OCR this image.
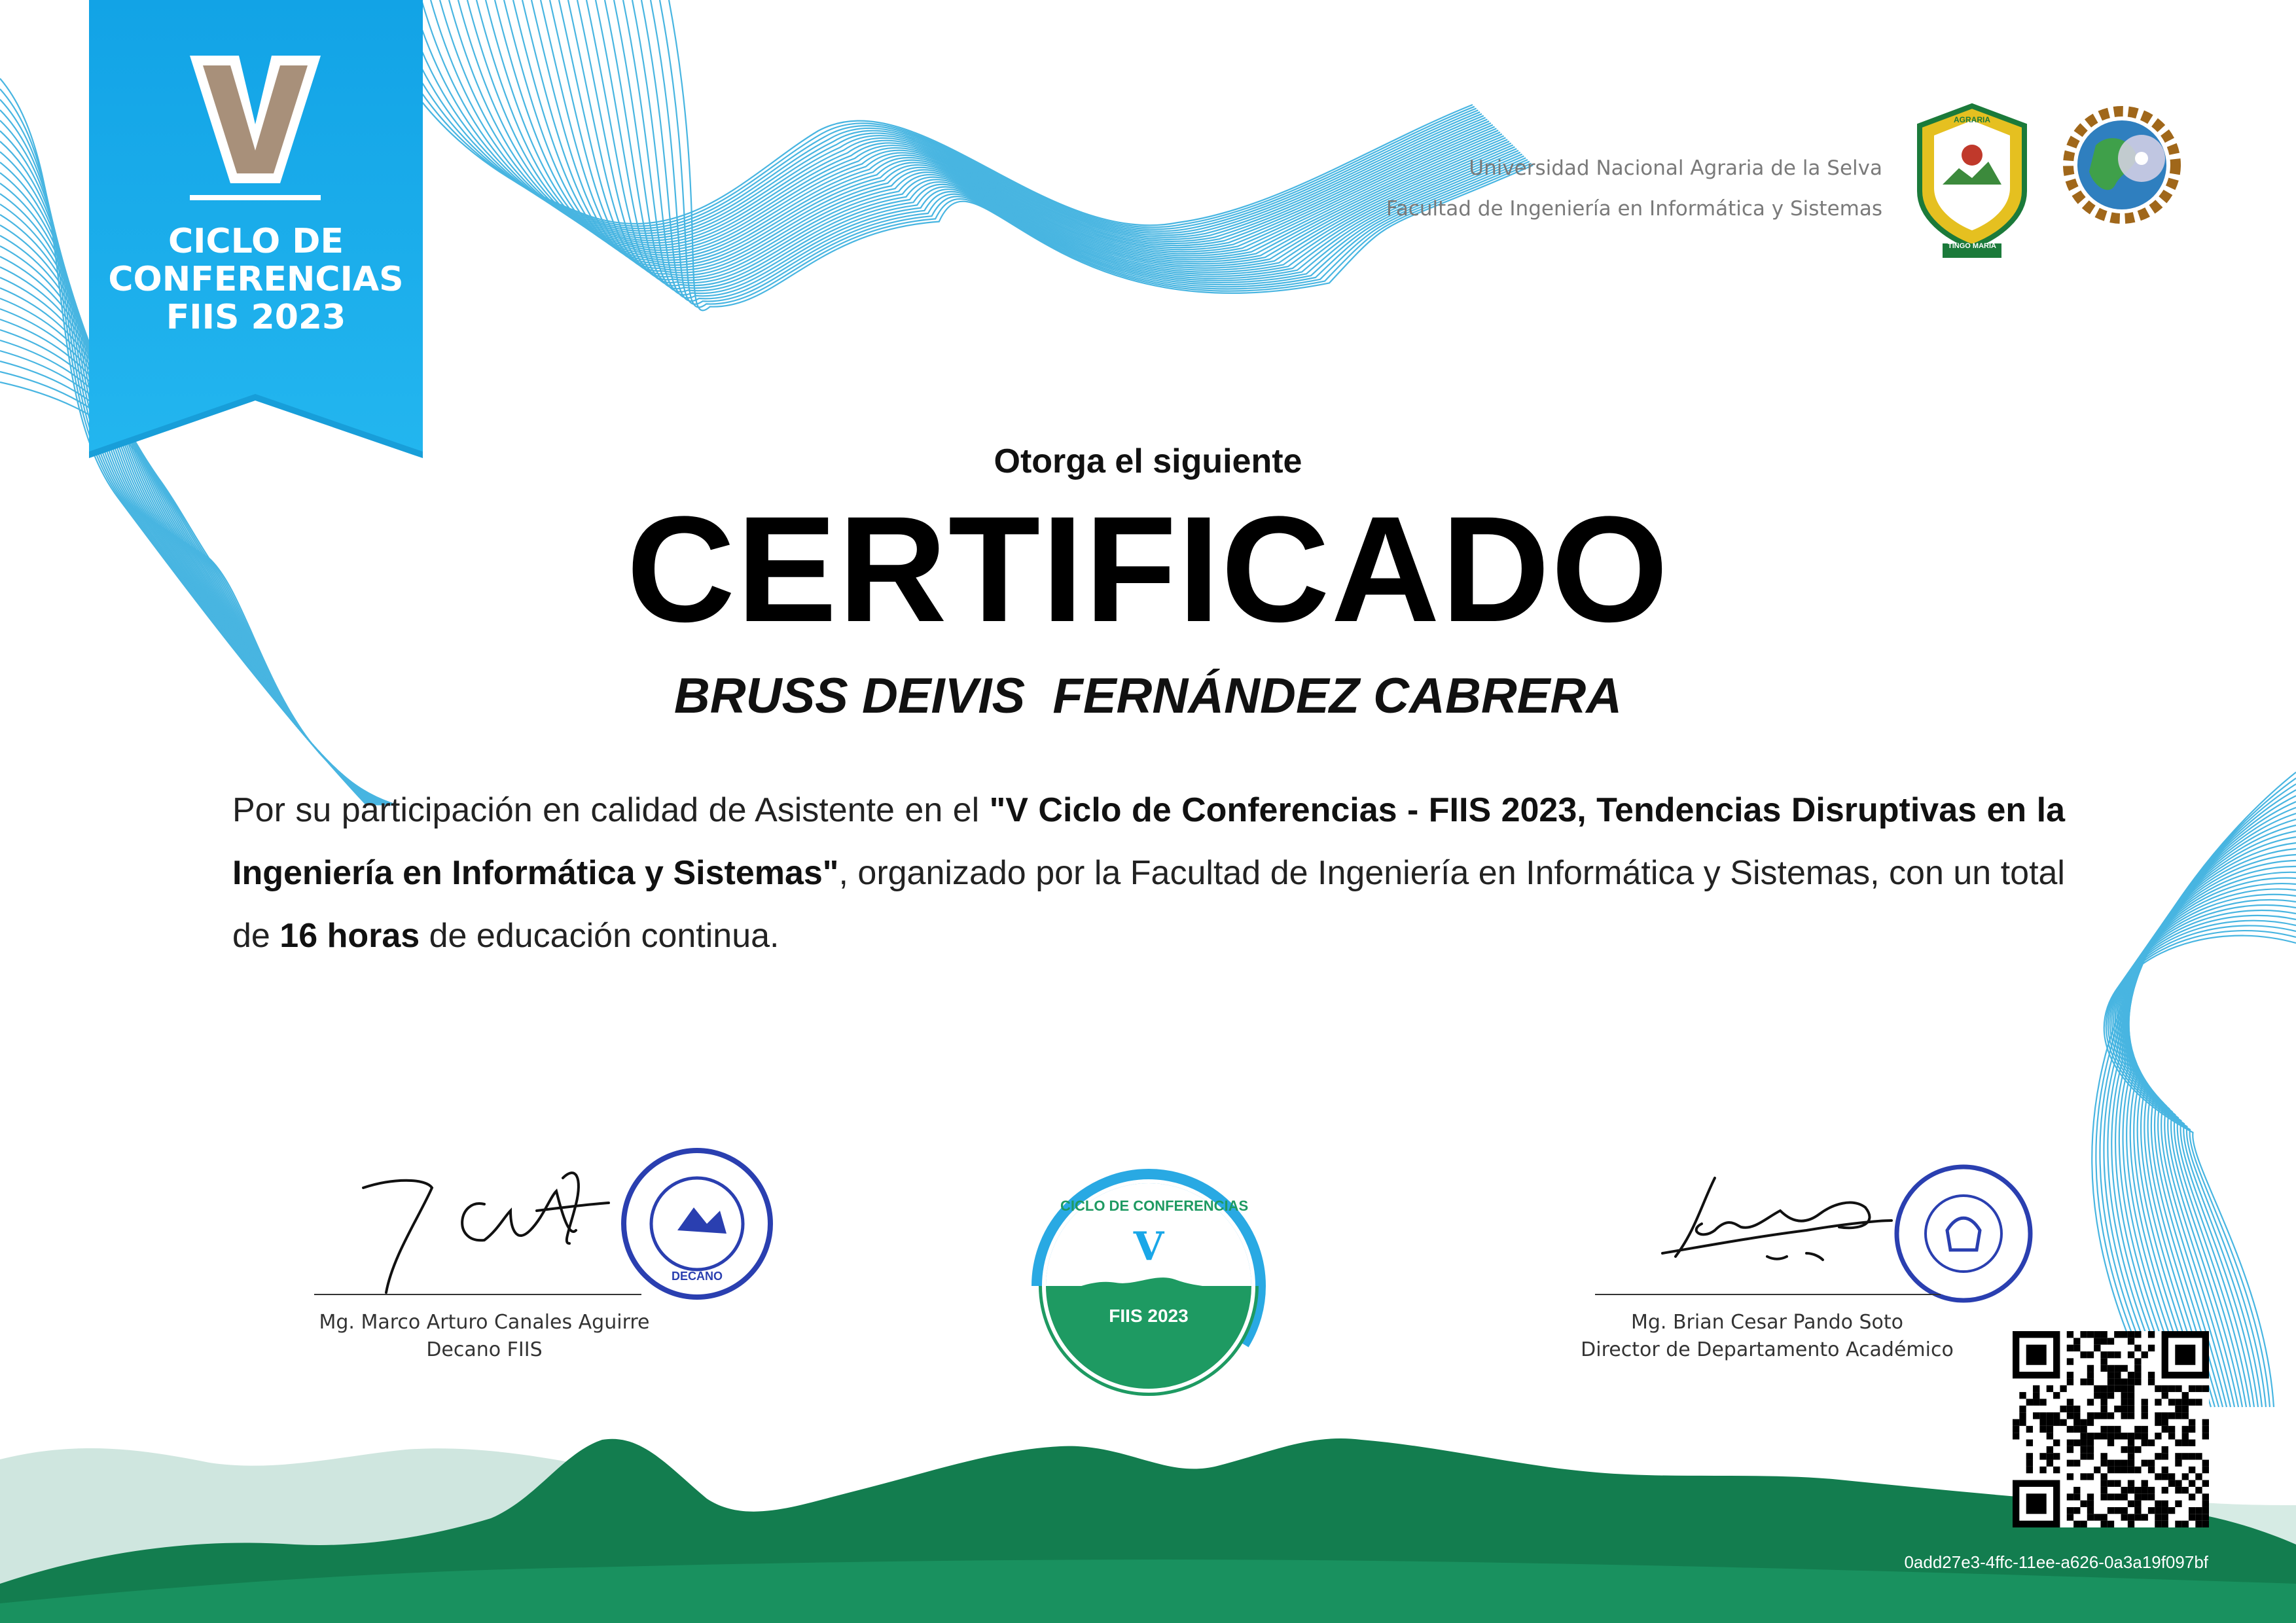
CICLO DE
CONFERENCIAS
FIIS 2023
Universidad Nacional Agraria de la Selva
Facultad de Ingeniería en Informática y Sistemas
TINGO MARIA
AGRARIA
Otorga el siguiente
CERTIFICADO
BRUSS DEIVIS  FERNÁNDEZ CABRERA
Por su participación en calidad de Asistente en el "V Ciclo de Conferencias - FIIS 2023, Tendencias Disruptivas en la Ingeniería en Informática y Sistemas", organizado por la Facultad de Ingeniería en Informática y Sistemas, con un total de 16 horas de educación continua.
DECANO
Mg. Marco Arturo Canales Aguirre
Decano FIIS
Mg. Brian Cesar Pando Soto
Director de Departamento Académico
CICLO DE CONFERENCIAS
V
FIIS 2023
0add27e3-4ffc-11ee-a626-0a3a19f097bf
